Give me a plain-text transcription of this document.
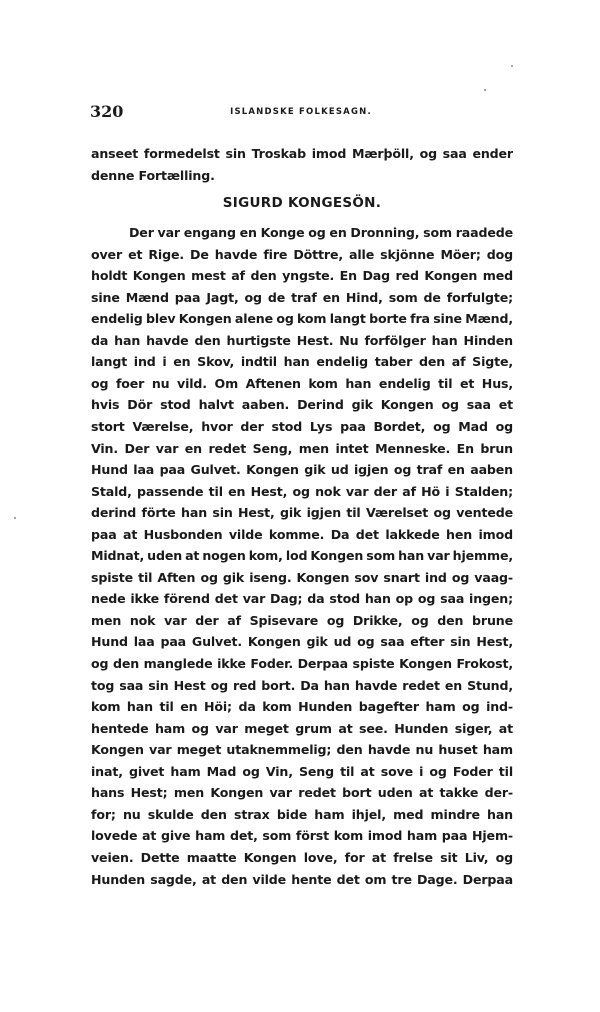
320	ISLANDSKE FOLKESAGN.
anseet formedelst sin Troskab imod Mærþöll, og saa ender
denne Fortælling.
SIGURD KONGESÖN.
Der var engang en Konge og en Dronning, som raadede
over et Rige. De havde fire Döttre, alle skjönne Möer; dog
holdt Kongen mest af den yngste. En Dag red Kongen med
sine Mænd paa Jagt, og de traf en Hind, som de forfulgte;
endelig blev Kongen alene og kom langt borte fra sine Mænd,
da han havde den hurtigste Hest. Nu forfölger han Hinden
langt ind i en Skov, indtil han endelig taber den af Sigte,
og foer nu vild. Om Aftenen kom han endelig til et Hus,
hvis Dör stod halvt aaben. Derind gik Kongen og saa et
stort Værelse, hvor der stod Lys paa Bordet, og Mad og
Vin. Der var en redet Seng, men intet Menneske. En brun
Hund laa paa Gulvet. Kongen gik ud igjen og traf en aaben
Stald, passende til en Hest, og nok var der af Hö i Stalden;
derind förte han sin Hest, gik igjen til Værelset og ventede
paa at Husbonden vilde komme. Da det lakkede hen imod
Midnat, uden at nogen kom, lod Kongen som han var hjemme,
spiste til Aften og gik iseng. Kongen sov snart ind og vaag-
nede ikke förend det var Dag; da stod han op og saa ingen;
men nok var der af Spisevare og Drikke, og den brune
Hund laa paa Gulvet. Kongen gik ud og saa efter sin Hest,
og den manglede ikke Foder. Derpaa spiste Kongen Frokost,
tog saa sin Hest og red bort. Da han havde redet en Stund,
kom han til en Höi; da kom Hunden bagefter ham og ind-
hentede ham og var meget grum at see. Hunden siger, at
Kongen var meget utaknemmelig; den havde nu huset ham
inat, givet ham Mad og Vin, Seng til at sove i og Foder til
hans Hest; men Kongen var redet bort uden at takke der-
for; nu skulde den strax bide ham ihjel, med mindre han
lovede at give ham det, som först kom imod ham paa Hjem-
veien. Dette maatte Kongen love, for at frelse sit Liv, og
Hunden sagde, at den vilde hente det om tre Dage. Derpaa
